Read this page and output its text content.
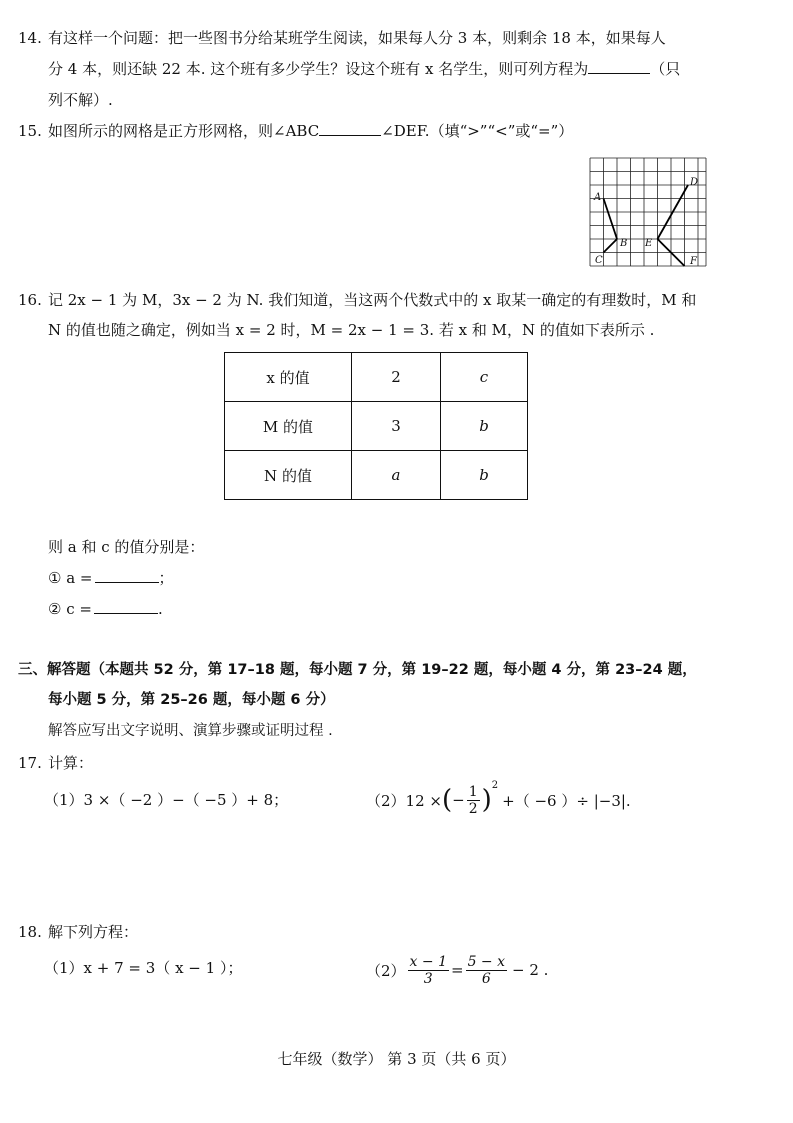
14. 有这样一个问题：把一些图书分给某班学生阅读，如果每人分 3 本，则剩余 18 本，如果每人
分 4 本，则还缺 22 本. 这个班有多少学生？设这个班有 x 名学生，则可列方程为	（只
列不解）.
15. 如图所示的网格是正方形网格，则∠ABC	∠DEF.（填“>”“<”或“=”）
A
B
C
D
E
F
16. 记 2x − 1 为 M，3x − 2 为 N. 我们知道，当这两个代数式中的 x 取某一确定的有理数时，M 和
N 的值也随之确定，例如当 x = 2 时，M = 2x − 1 = 3. 若 x 和 M，N 的值如下表所示 .
x 的值	2	c
M 的值	3	b
N 的值	a	b
则 a 和 c 的值分别是：
① a =	；
② c =	.
三、解答题（本题共 52 分，第 17–18 题，每小题 7 分，第 19–22 题，每小题 4 分，第 23–24 题，
每小题 5 分，第 25–26 题，每小题 6 分）
解答应写出文字说明、演算步骤或证明过程 .
17. 计算：
（1）3 ×（ −2 ）−（ −5 ）+ 8；	（2）12 × ( − $\frac{1}{2}$ ) 2
+（ −6 ）÷ |−3|.
18. 解下列方程：
（1）x + 7 = 3（ x − 1 ）；	$(2) \frac{x - 1}{3} = \frac{5 - x}{6} - 2$ .
七年级（数学） 第 3 页（共 6 页）
